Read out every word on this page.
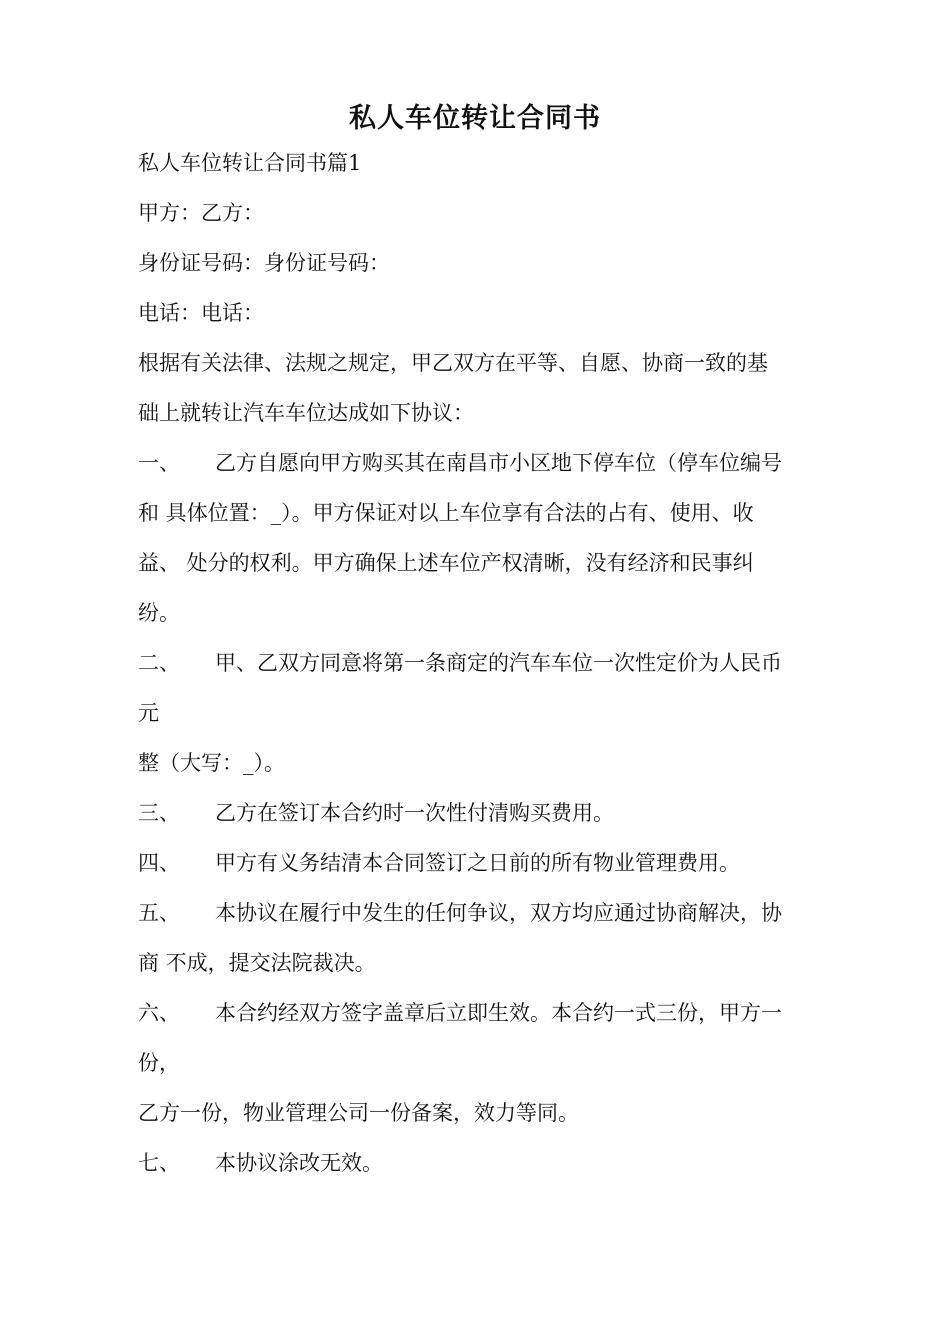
私人车位转让合同书
私人车位转让合同书篇1
甲方：乙方：
身份证号码：身份证号码：
电话：电话：
根据有关法律、法规之规定，甲乙双方在平等、自愿、协商一致的基
础上就转让汽车车位达成如下协议：
一、 乙方自愿向甲方购买其在南昌市小区地下停车位（停车位编号
和 具体位置：_）。甲方保证对以上车位享有合法的占有、使用、收
益、 处分的权利。甲方确保上述车位产权清晰，没有经济和民事纠
纷。
二、 甲、乙双方同意将第一条商定的汽车车位一次性定价为人民币
元
整（大写：_）。
三、 乙方在签订本合约时一次性付清购买费用。
四、 甲方有义务结清本合同签订之日前的所有物业管理费用。
五、 本协议在履行中发生的任何争议，双方均应通过协商解决，协
商 不成，提交法院裁决。
六、 本合约经双方签字盖章后立即生效。本合约一式三份，甲方一
份，
乙方一份，物业管理公司一份备案，效力等同。
七、 本协议涂改无效。
